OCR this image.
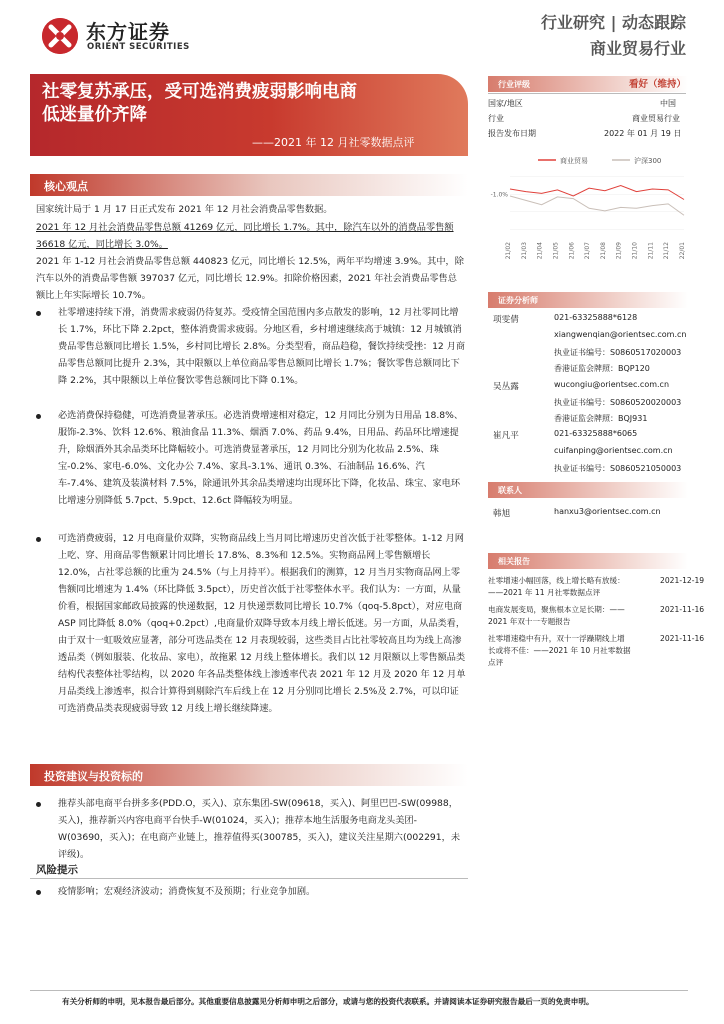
东方证券
ORIENT SECURITIES
行业研究 | 动态跟踪
商业贸易行业
社零复苏承压，受可选消费疲弱影响电商
低迷量价齐降
——2021 年 12 月社零数据点评
行业评级	看好（维持）
国家/地区	中国
行业	商业贸易行业
报告发布日期	2022 年 01 月 19 日
商业贸易	沪深300
-1.0%
21/02 21/03 21/04 21/05 21/06 21/07 21/08 21/09 21/10 21/11 21/12 22/01
证券分析师
项雯倩	021-63325888*6128
xiangwenqian@orientsec.com.cn
执业证书编号：S0860517020003
香港证监会牌照：BQP120
吴丛露	wucongiu@orientsec.com.cn
执业证书编号：S0860520020003
香港证监会牌照：BQJ931
崔凡平	021-63325888*6065
cuifanping@orientsec.com.cn
执业证书编号：S0860521050003
联系人
韩旭	hanxu3@orientsec.com.cn
相关报告
社零增速小幅回落，线上增长略有放缓：
——2021 年 11 月社零数据点评
2021-12-19
电商发展变局，聚焦根本立足长期：——
2021 年双十一专题报告
2021-11-16
社零增速稳中有升，双十一浮躁期线上增
长或将不佳：——2021 年 10 月社零数据
点评
2021-11-16
核心观点
国家统计局于 1 月 17 日正式发布 2021 年 12 月社会消费品零售数据。
2021 年 12 月社会消费品零售总额 41269 亿元，同比增长 1.7%。其中，除汽车以外的消费品零售额 36618 亿元，同比增长 3.0%。
2021 年 1-12 月社会消费品零售总额 440823 亿元，同比增长 12.5%，两年平均增速 3.9%。其中，除汽车以外的消费品零售额 397037 亿元，同比增长 12.9%。扣除价格因素，2021 年社会消费品零售总额比上年实际增长 10.7%。
社零增速持续下滑，消费需求疲弱仍待复苏。受疫情全国范围内多点散发的影响，12 月社零同比增长 1.7%，环比下降 2.2pct，整体消费需求疲弱。分地区看，乡村增速继续高于城镇：12 月城镇消费品零售总额同比增长 1.5%，乡村同比增长 2.8%。分类型看，商品趋稳，餐饮持续受挫：12 月商品零售总额同比提升 2.3%，其中限额以上单位商品零售总额同比增长 1.7%；餐饮零售总额同比下降 2.2%，其中限额以上单位餐饮零售总额同比下降 0.1%。
必选消费保持稳健，可选消费显著承压。必选消费增速相对稳定，12 月同比分别为日用品 18.8%、服饰-2.3%、饮料 12.6%、粮油食品 11.3%、烟酒 7.0%、药品 9.4%，日用品、药品环比增速提升，除烟酒外其余品类环比降幅较小。可选消费显著承压，12 月同比分别为化妆品 2.5%、珠宝-0.2%、家电-6.0%、文化办公 7.4%、家具-3.1%、通讯 0.3%、石油制品 16.6%、汽车-7.4%、建筑及装潢材料 7.5%，除通讯外其余品类增速均出现环比下降，化妆品、珠宝、家电环比增速分别降低 5.7pct、5.9pct、12.6ct 降幅较为明显。
可选消费疲弱，12 月电商量价双降，实物商品线上当月同比增速历史首次低于社零整体。1-12 月网上吃、穿、用商品零售额累计同比增长 17.8%、8.3%和 12.5%。实物商品网上零售额增长 12.0%，占社零总额的比重为 24.5%（与上月持平）。根据我们的测算，12 月当月实物商品网上零售额同比增速为 1.4%（环比降低 3.5pct），历史首次低于社零整体水平。我们认为：一方面，从量价看，根据国家邮政局披露的快递数据，12 月快递票数同比增长 10.7%（qoq-5.8pct），对应电商 ASP 同比降低 8.0%（qoq+0.2pct）,电商量价双降导致本月线上增长低迷。另一方面，从品类看，由于双十一虹吸效应显著，部分可选品类在 12 月表现较弱，这些类目占比社零较高且均为线上高渗透品类（例如服装、化妆品、家电），故拖累 12 月线上整体增长。我们以 12 月限额以上零售额品类结构代表整体社零结构，以 2020 年各品类整体线上渗透率代表 2021 年 12 月及 2020 年 12 月单月品类线上渗透率，拟合计算得到剔除汽车后线上在 12 月分别同比增长 2.5%及 2.7%，可以印证可选消费品类表现疲弱导致 12 月线上增长继续降速。
投资建议与投资标的
推荐头部电商平台拼多多(PDD.O，买入)、京东集团-SW(09618，买入)、阿里巴巴-SW(09988，买入)，推荐新兴内容电商平台快手-W(01024，买入)；推荐本地生活服务电商龙头美团-W(03690，买入)；在电商产业链上，推荐值得买(300785，买入)，建议关注星期六(002291，未评级)。
风险提示
疫情影响；宏观经济波动；消费恢复不及预期；行业竞争加剧。
有关分析师的申明，见本报告最后部分。其他重要信息披露见分析师申明之后部分，或请与您的投资代表联系。并请阅读本证券研究报告最后一页的免责申明。
